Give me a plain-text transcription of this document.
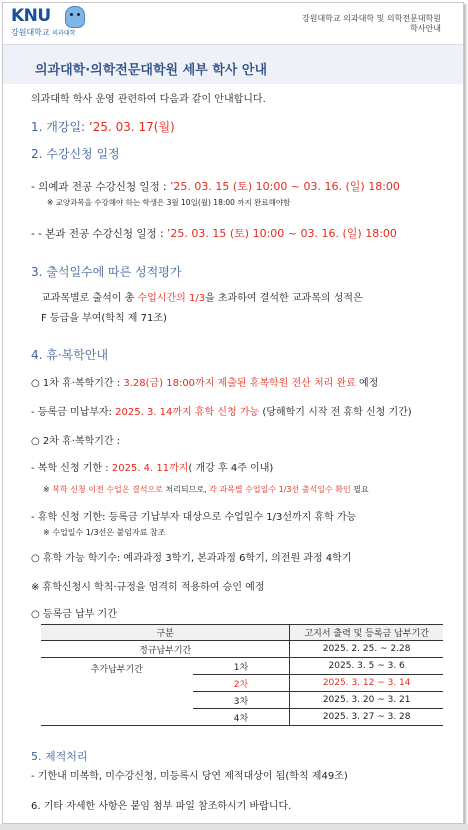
KNU
강원대학교 의과대학
강원대학교 의과대학 및 의학전문대학원
학사안내
의과대학·의학전문대학원 세부 학사 안내
의과대학 학사 운영 관련하여 다음과 같이 안내합니다.
1. 개강일: ’25. 03. 17(월)
2. 수강신청 일정
- 의예과 전공 수강신청 일정 : ’25. 03. 15 (토) 10:00 ~ 03. 16. (일) 18:00
※ 교양과목을 수강해야 하는 학생은 3월 10일(월) 18:00 까지 완료해야함
- - 본과 전공 수강신청 일정 : ’25. 03. 15 (토) 10:00 ~ 03. 16. (일) 18:00
3. 출석일수에 따른 성적평가
교과목별로 출석이 총 수업시간의 1/3을 초과하여 결석한 교과목의 성적은
F 등급을 부여(학칙 제 71조)
4. 휴·복학안내
○ 1차 휴·복학기간 : 3.28(금) 18:00까지 제출된 휴복학원 전산 처리 완료 예정
- 등록금 미납부자: 2025. 3. 14까지 휴학 신청 가능 (당해학기 시작 전 휴학 신청 기간)
○ 2차 휴·복학기간 :
- 복학 신청 기한 : 2025. 4. 11까지( 개강 후 4주 이내)
※ 복학 신청 이전 수업은 결석으로 처리되므로, 각 과목별 수업일수 1/3선 출석일수 확인 필요
- 휴학 신청 기한: 등록금 기납부자 대상으로 수업일수 1/3선까지 휴학 가능
※ 수업일수 1/3선은 붙임자료 참조
○ 휴학 가능 학기수: 예과과정 3학기, 본과과정 6학기, 의전원 과정 4학기
※ 휴학신청시 학칙·규정을 엄격히 적용하여 승인 예정
○ 등록금 납부 기간
구분		고지서 출력 및 등록금 납부기간
정규납부기간		2025. 2. 25. ~ 2.28
추가납부기간	1차	2025. 3. 5 ~ 3. 6
	2차	2025. 3. 12 ~ 3. 14
	3차	2025. 3. 20 ~ 3. 21
	4차	2025. 3. 27 ~ 3. 28
5. 제적처리
- 기한내 미복학, 미수강신청, 미등록시 당연 제적대상이 됨(학칙 제49조)
6. 기타 자세한 사항은 붙임 첨부 파일 참조하시기 바랍니다.
